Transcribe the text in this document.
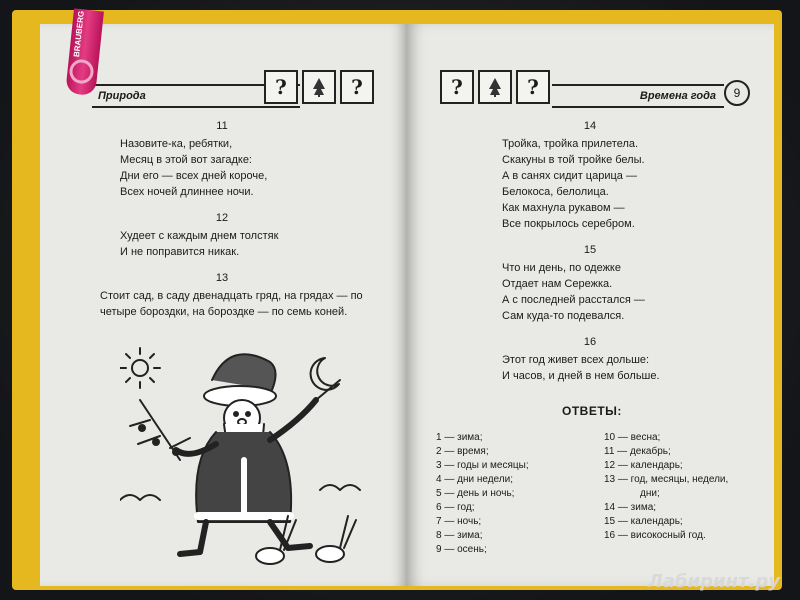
Природа	?	?
11
Назовите-ка, ребятки,
Месяц в этой вот загадке:
Дни его — всех дней короче,
Всех ночей длиннее ночи.
12
Худеет с каждым днем толстяк
И не поправится никак.
13
Стоит сад, в саду двенадцать гряд, на грядах — по
четыре бороздки, на бороздке — по семь коней.
?	?	Времена года	9
14
Тройка, тройка прилетела.
Скакуны в той тройке белы.
А в санях сидит царица —
Белокоса, белолица.
Как махнула рукавом —
Все покрылось серебром.
15
Что ни день, по одежке
Отдает нам Сережка.
А с последней расстался —
Сам куда-то подевался.
16
Этот год живет всех дольше:
И часов, и дней в нем больше.
ОТВЕТЫ:
1 — зима;
2 — время;
3 — годы и месяцы;
4 — дни недели;
5 — день и ночь;
6 — год;
7 — ночь;
8 — зима;
9 — осень;
10 — весна;
11 — декабрь;
12 — календарь;
13 — год, месяцы, недели,
дни;
14 — зима;
15 — календарь;
16 — високосный год.
BRAUBERG
Лабиринт.ру
